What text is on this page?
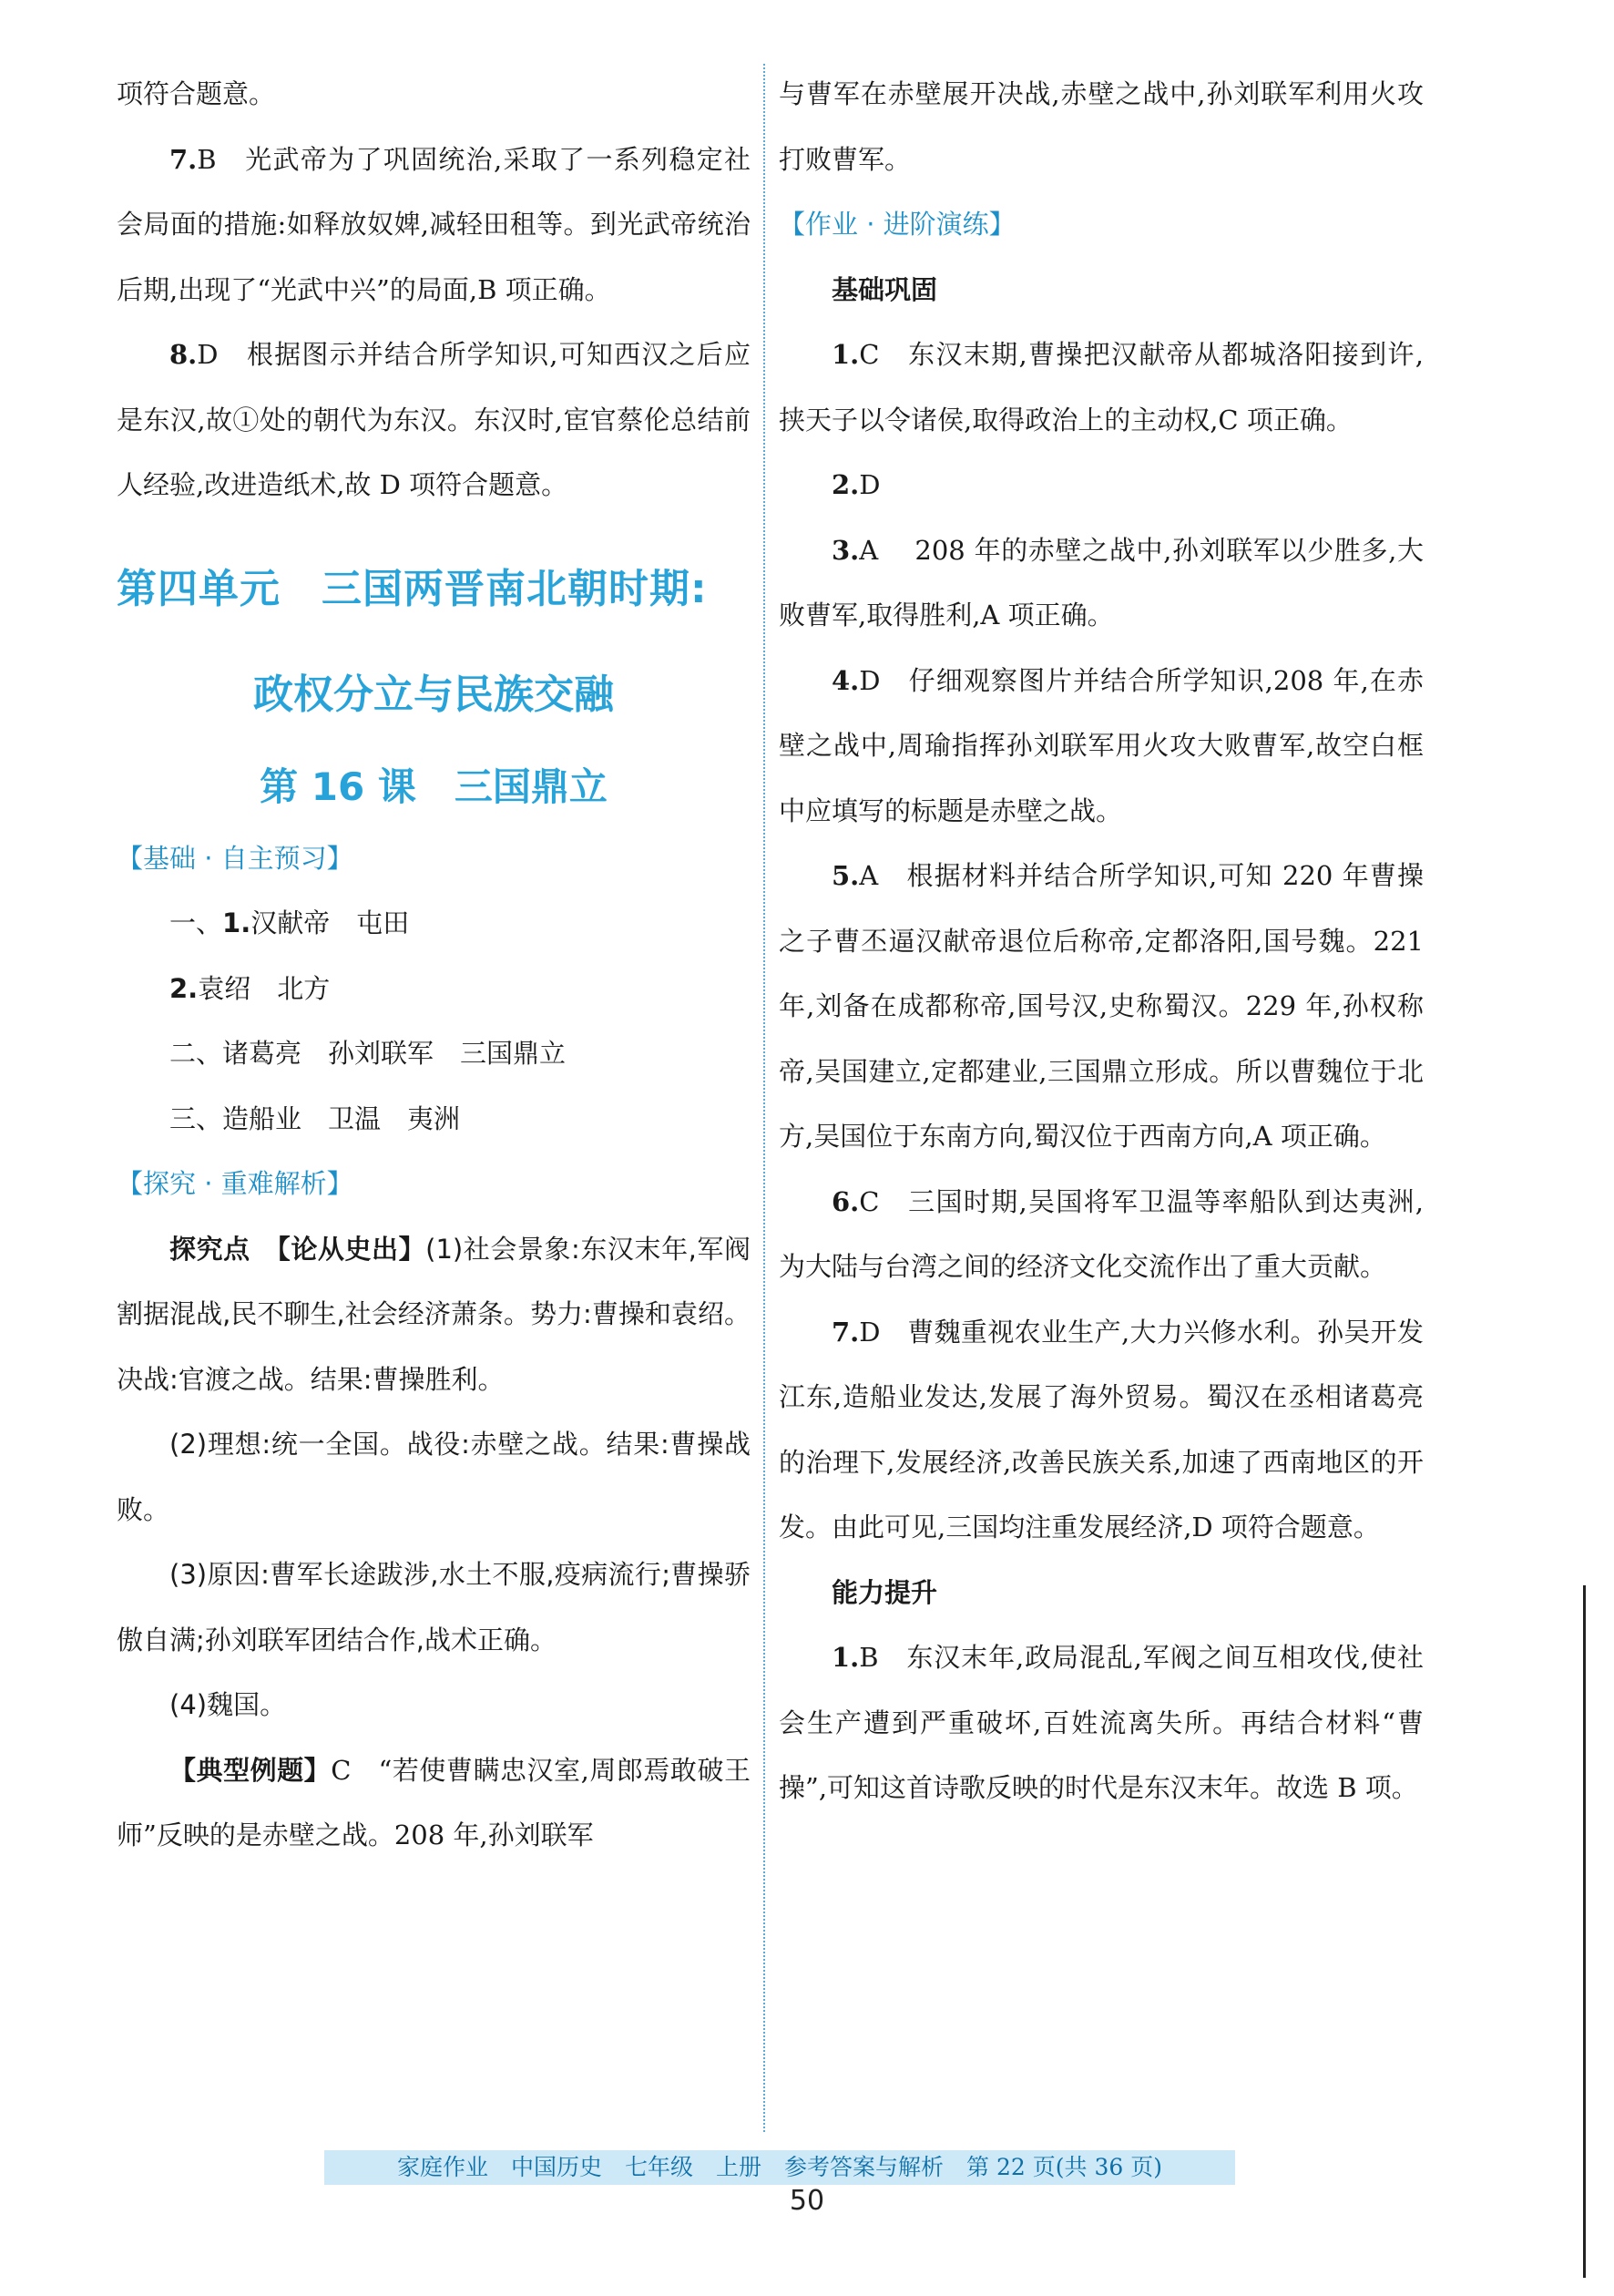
项符合题意。

7.B　光武帝为了巩固统治,采取了一系列稳定社会局面的措施:如释放奴婢,减轻田租等。到光武帝统治后期,出现了“光武中兴”的局面,B 项正确。

8.D　根据图示并结合所学知识,可知西汉之后应是东汉,故①处的朝代为东汉。东汉时,宦官蔡伦总结前人经验,改进造纸术,故 D 项符合题意。

第四单元　三国两晋南北朝时期:
政权分立与民族交融
第 16 课　三国鼎立
【基础 · 自主预习】

一、1.汉献帝　屯田

2.袁绍　北方

二、诸葛亮　孙刘联军　三国鼎立

三、造船业　卫温　夷洲

【探究 · 重难解析】

探究点　【论从史出】(1)社会景象:东汉末年,军阀割据混战,民不聊生,社会经济萧条。势力:曹操和袁绍。决战:官渡之战。结果:曹操胜利。

(2)理想:统一全国。战役:赤壁之战。结果:曹操战败。

(3)原因:曹军长途跋涉,水土不服,疫病流行;曹操骄傲自满;孙刘联军团结合作,战术正确。

(4)魏国。

【典型例题】C　“若使曹瞒忠汉室,周郎焉敢破王师”反映的是赤壁之战。208 年,孙刘联军

与曹军在赤壁展开决战,赤壁之战中,孙刘联军利用火攻打败曹军。

【作业 · 进阶演练】

基础巩固

1.C　东汉末期,曹操把汉献帝从都城洛阳接到许,挟天子以令诸侯,取得政治上的主动权,C 项正确。

2.D

3.A　 208 年的赤壁之战中,孙刘联军以少胜多,大败曹军,取得胜利,A 项正确。

4.D　仔细观察图片并结合所学知识,208 年,在赤壁之战中,周瑜指挥孙刘联军用火攻大败曹军,故空白框中应填写的标题是赤壁之战。

5.A　根据材料并结合所学知识,可知 220 年曹操之子曹丕逼汉献帝退位后称帝,定都洛阳,国号魏。221 年,刘备在成都称帝,国号汉,史称蜀汉。229 年,孙权称帝,吴国建立,定都建业,三国鼎立形成。所以曹魏位于北方,吴国位于东南方向,蜀汉位于西南方向,A 项正确。

6.C　三国时期,吴国将军卫温等率船队到达夷洲,为大陆与台湾之间的经济文化交流作出了重大贡献。

7.D　曹魏重视农业生产,大力兴修水利。孙吴开发江东,造船业发达,发展了海外贸易。蜀汉在丞相诸葛亮的治理下,发展经济,改善民族关系,加速了西南地区的开发。由此可见,三国均注重发展经济,D 项符合题意。

能力提升

1.B　东汉末年,政局混乱,军阀之间互相攻伐,使社会生产遭到严重破坏,百姓流离失所。再结合材料“曹操”,可知这首诗歌反映的时代是东汉末年。故选 B 项。

家庭作业　中国历史　七年级　上册　参考答案与解析　第 22 页(共 36 页)
50
